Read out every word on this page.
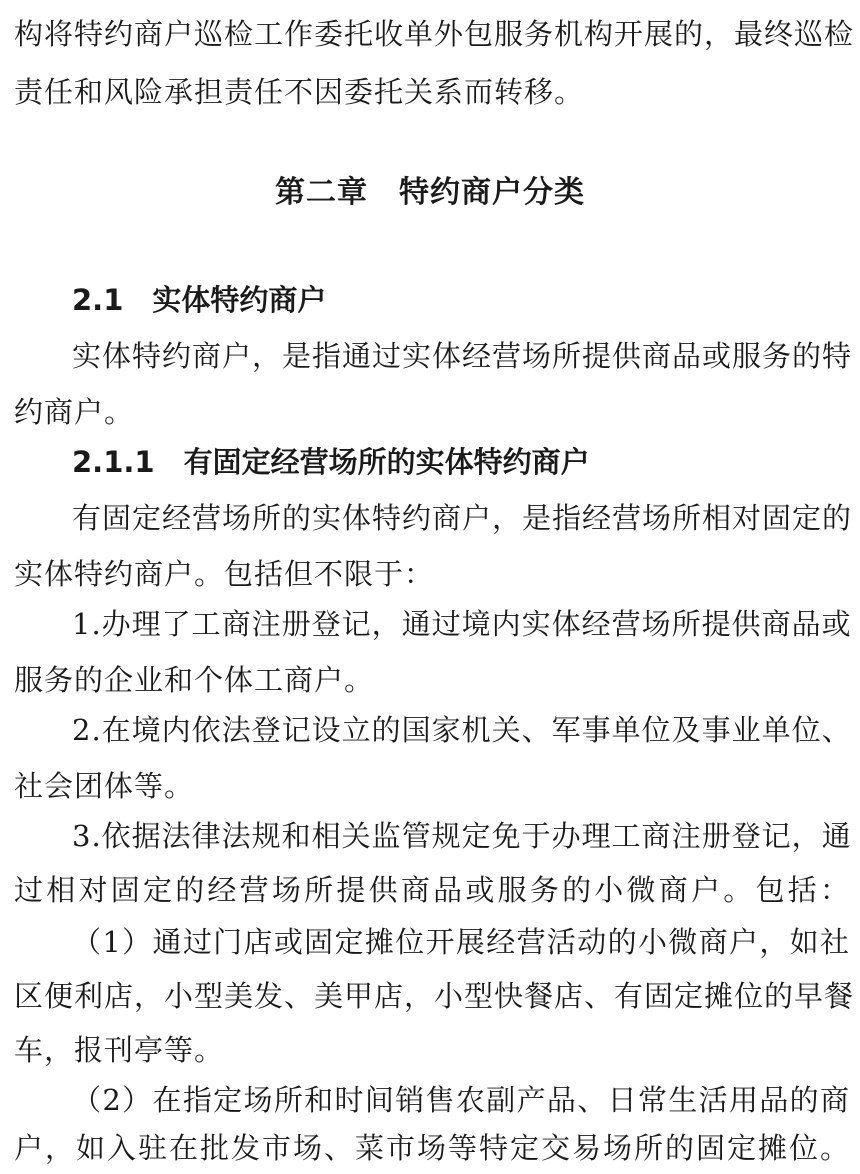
构将特约商户巡检工作委托收单外包服务机构开展的，最终巡检
责任和风险承担责任不因委托关系而转移。
第二章　特约商户分类
2.1　实体特约商户
实体特约商户，是指通过实体经营场所提供商品或服务的特
约商户。
2.1.1　有固定经营场所的实体特约商户
有固定经营场所的实体特约商户，是指经营场所相对固定的
实体特约商户。包括但不限于：
1.办理了工商注册登记，通过境内实体经营场所提供商品或
服务的企业和个体工商户。
2.在境内依法登记设立的国家机关、军事单位及事业单位、
社会团体等。
3.依据法律法规和相关监管规定免于办理工商注册登记，通
过相对固定的经营场所提供商品或服务的小微商户。包括：
（1）通过门店或固定摊位开展经营活动的小微商户，如社
区便利店，小型美发、美甲店，小型快餐店、有固定摊位的早餐
车，报刊亭等。
（2）在指定场所和时间销售农副产品、日常生活用品的商
户，如入驻在批发市场、菜市场等特定交易场所的固定摊位。
